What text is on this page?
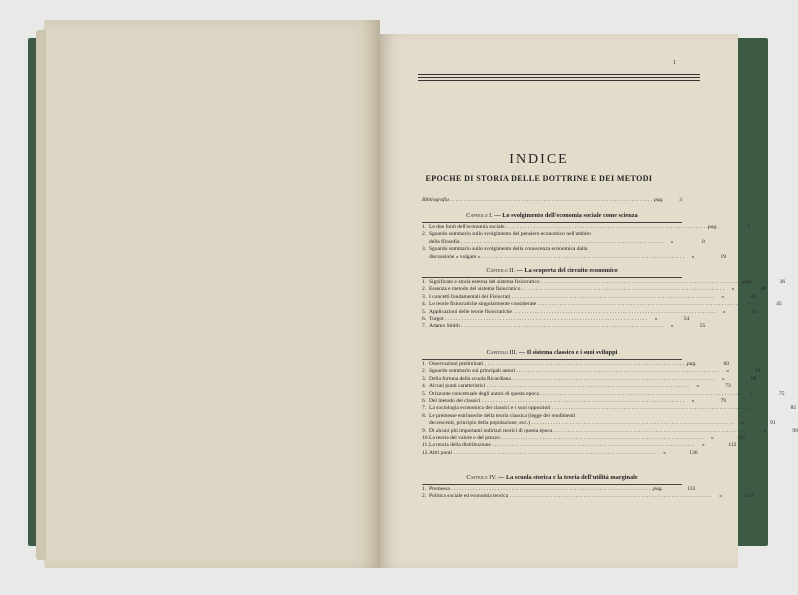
1
INDICE
EPOCHE DI STORIA DELLE DOTTRINE E DEI METODI
Bibliografia . . .	pag.	3
Capitolo I. — Lo svolgimento dell'economia sociale come scienza
1. Le due fonti dell'economia sociale . . .	pag.	7
2. Sguardo sommario sullo svolgimento del pensiero economico nell'ambito
della filosofia . . .	»	8
3. Sguardo sommario sullo svolgimento della conoscenza economica dalla
discussione « volgare » . . .	»	19
Capitolo II. — La scoperta del circuito economico
1. Significato e storia esterna del sistema fisiocratico . . .	pag.	36
2. Essenza e metodo del sistema fisiocratico . . .	»	40
3. I concetti fondamentali dei Fisiocrati . . .	»	43
4. Le teorie fisiocratiche singolarmente considerate . . .	»	45
5. Applicazioni delle teorie fisiocratiche . . .	»	51
6. Turgot . . .	»	54
7. Adamo Smith . . .	»	55
Capitolo III. — Il sistema classico e i suoi sviluppi
1. Osservazioni preliminari . . .	pag.	60
2. Sguardo sommario sui principali autori . . .	»	61
3. Della fortuna della scuola Ricardiana . . .	»	68
4. Alcuni punti caratteristici . . .	»	73
5. Orizzonte concettuale degli autori di questa epoca . . .	»	75
6. Del metodo dei classici . . .	»	79
7. La sociologia economica dei classici e i suoi oppositori . . .	»	85
8. Le premesse estrinseche della teoria classica (legge dei rendimenti
decrescenti, principio della popolazione, ecc.) . . .	»	91
9. Di alcuni più importanti indirizzi teorici di questa epoca . . .	»	99
10. La teoria del valore e del prezzo . . .	»	101
11. La teoria della distribuzione . . .	»	112
12. Altri punti . . .	»	130
Capitolo IV. — La scuola storica e la teoria dell'utilità marginale
1. Premessa . . .	pag.	133
2. Politica sociale ed economia teorica . . .	»	133
